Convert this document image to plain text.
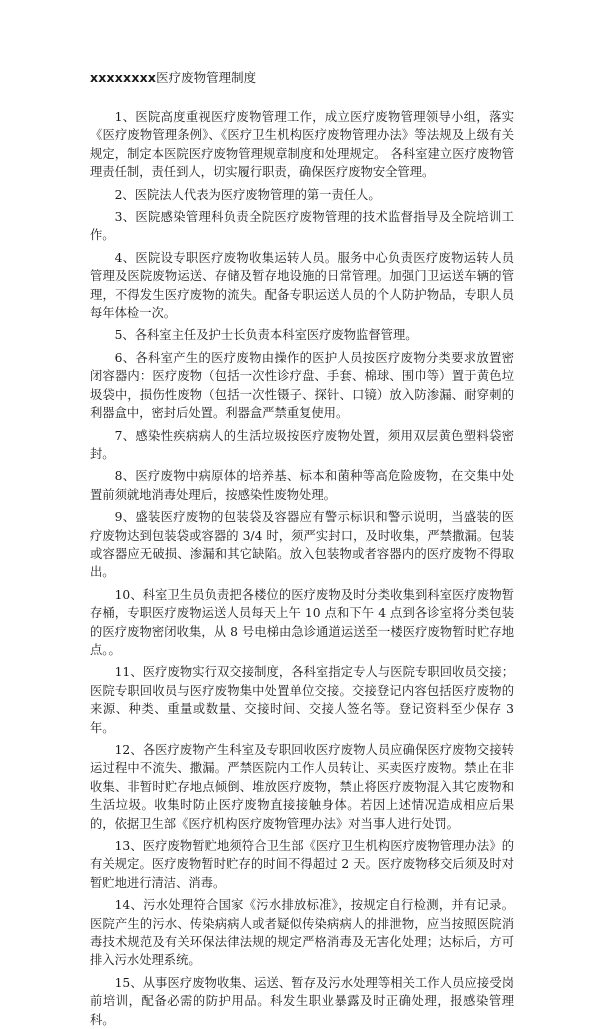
xxxxxxxx医疗废物管理制度

1、医院高度重视医疗废物管理工作，成立医疗废物管理领导小组，落实《医疗废物管理条例》、《医疗卫生机构医疗废物管理办法》等法规及上级有关规定，制定本医院医疗废物管理规章制度和处理规定。 各科室建立医疗废物管理责任制，责任到人，切实履行职责，确保医疗废物安全管理。

2、医院法人代表为医疗废物管理的第一责任人。

3、医院感染管理科负责全院医疗废物管理的技术监督指导及全院培训工作。

4、医院设专职医疗废物收集运转人员。服务中心负责医疗废物运转人员管理及医院废物运送、存储及暂存地设施的日常管理。加强门卫运送车辆的管理，不得发生医疗废物的流失。配备专职运送人员的个人防护物品，专职人员每年体检一次。

5、各科室主任及护士长负责本科室医疗废物监督管理。

6、各科室产生的医疗废物由操作的医护人员按医疗废物分类要求放置密闭容器内：医疗废物（包括一次性诊疗盘、手套、棉球、围巾等）置于黄色垃圾袋中，损伤性废物（包括一次性镊子、探针、口镜）放入防渗漏、耐穿刺的利器盒中，密封后处置。利器盒严禁重复使用。

7、感染性疾病病人的生活垃圾按医疗废物处置，须用双层黄色塑料袋密封。

8、医疗废物中病原体的培养基、标本和菌种等高危险废物，在交集中处置前须就地消毒处理后，按感染性废物处理。

9、盛装医疗废物的包装袋及容器应有警示标识和警示说明，当盛装的医疗废物达到包装袋或容器的 3/4 时，须严实封口，及时收集，严禁撒漏。包装或容器应无破损、渗漏和其它缺陷。放入包装物或者容器内的医疗废物不得取出。

10、科室卫生员负责把各楼位的医疗废物及时分类收集到科室医疗废物暂存桶，专职医疗废物运送人员每天上午 10 点和下午 4 点到各诊室将分类包装的医疗废物密闭收集，从 8 号电梯由急诊通道运送至一楼医疗废物暂时贮存地点。。

11、医疗废物实行双交接制度，各科室指定专人与医院专职回收员交接；医院专职回收员与医疗废物集中处置单位交接。交接登记内容包括医疗废物的来源、种类、重量或数量、交接时间、交接人签名等。登记资料至少保存 3 年。

12、各医疗废物产生科室及专职回收医疗废物人员应确保医疗废物交接转运过程中不流失、撒漏。严禁医院内工作人员转让、买卖医疗废物。禁止在非收集、非暂时贮存地点倾倒、堆放医疗废物，禁止将医疗废物混入其它废物和生活垃圾。收集时防止医疗废物直接接触身体。若因上述情况造成相应后果的，依据卫生部《医疗机构医疗废物管理办法》对当事人进行处罚。

13、医疗废物暂贮地须符合卫生部《医疗卫生机构医疗废物管理办法》的有关规定。医疗废物暂时贮存的时间不得超过 2 天。医疗废物移交后须及时对暂贮地进行清洁、消毒。

14、污水处理符合国家《污水排放标准》，按规定自行检测，并有记录。医院产生的污水、传染病病人或者疑似传染病病人的排泄物，应当按照医院消毒技术规范及有关环保法律法规的规定严格消毒及无害化处理；达标后，方可排入污水处理系统。

15、从事医疗废物收集、运送、暂存及污水处理等相关工作人员应接受岗前培训，配备必需的防护用品。科发生职业暴露及时正确处理，报感染管理科。
